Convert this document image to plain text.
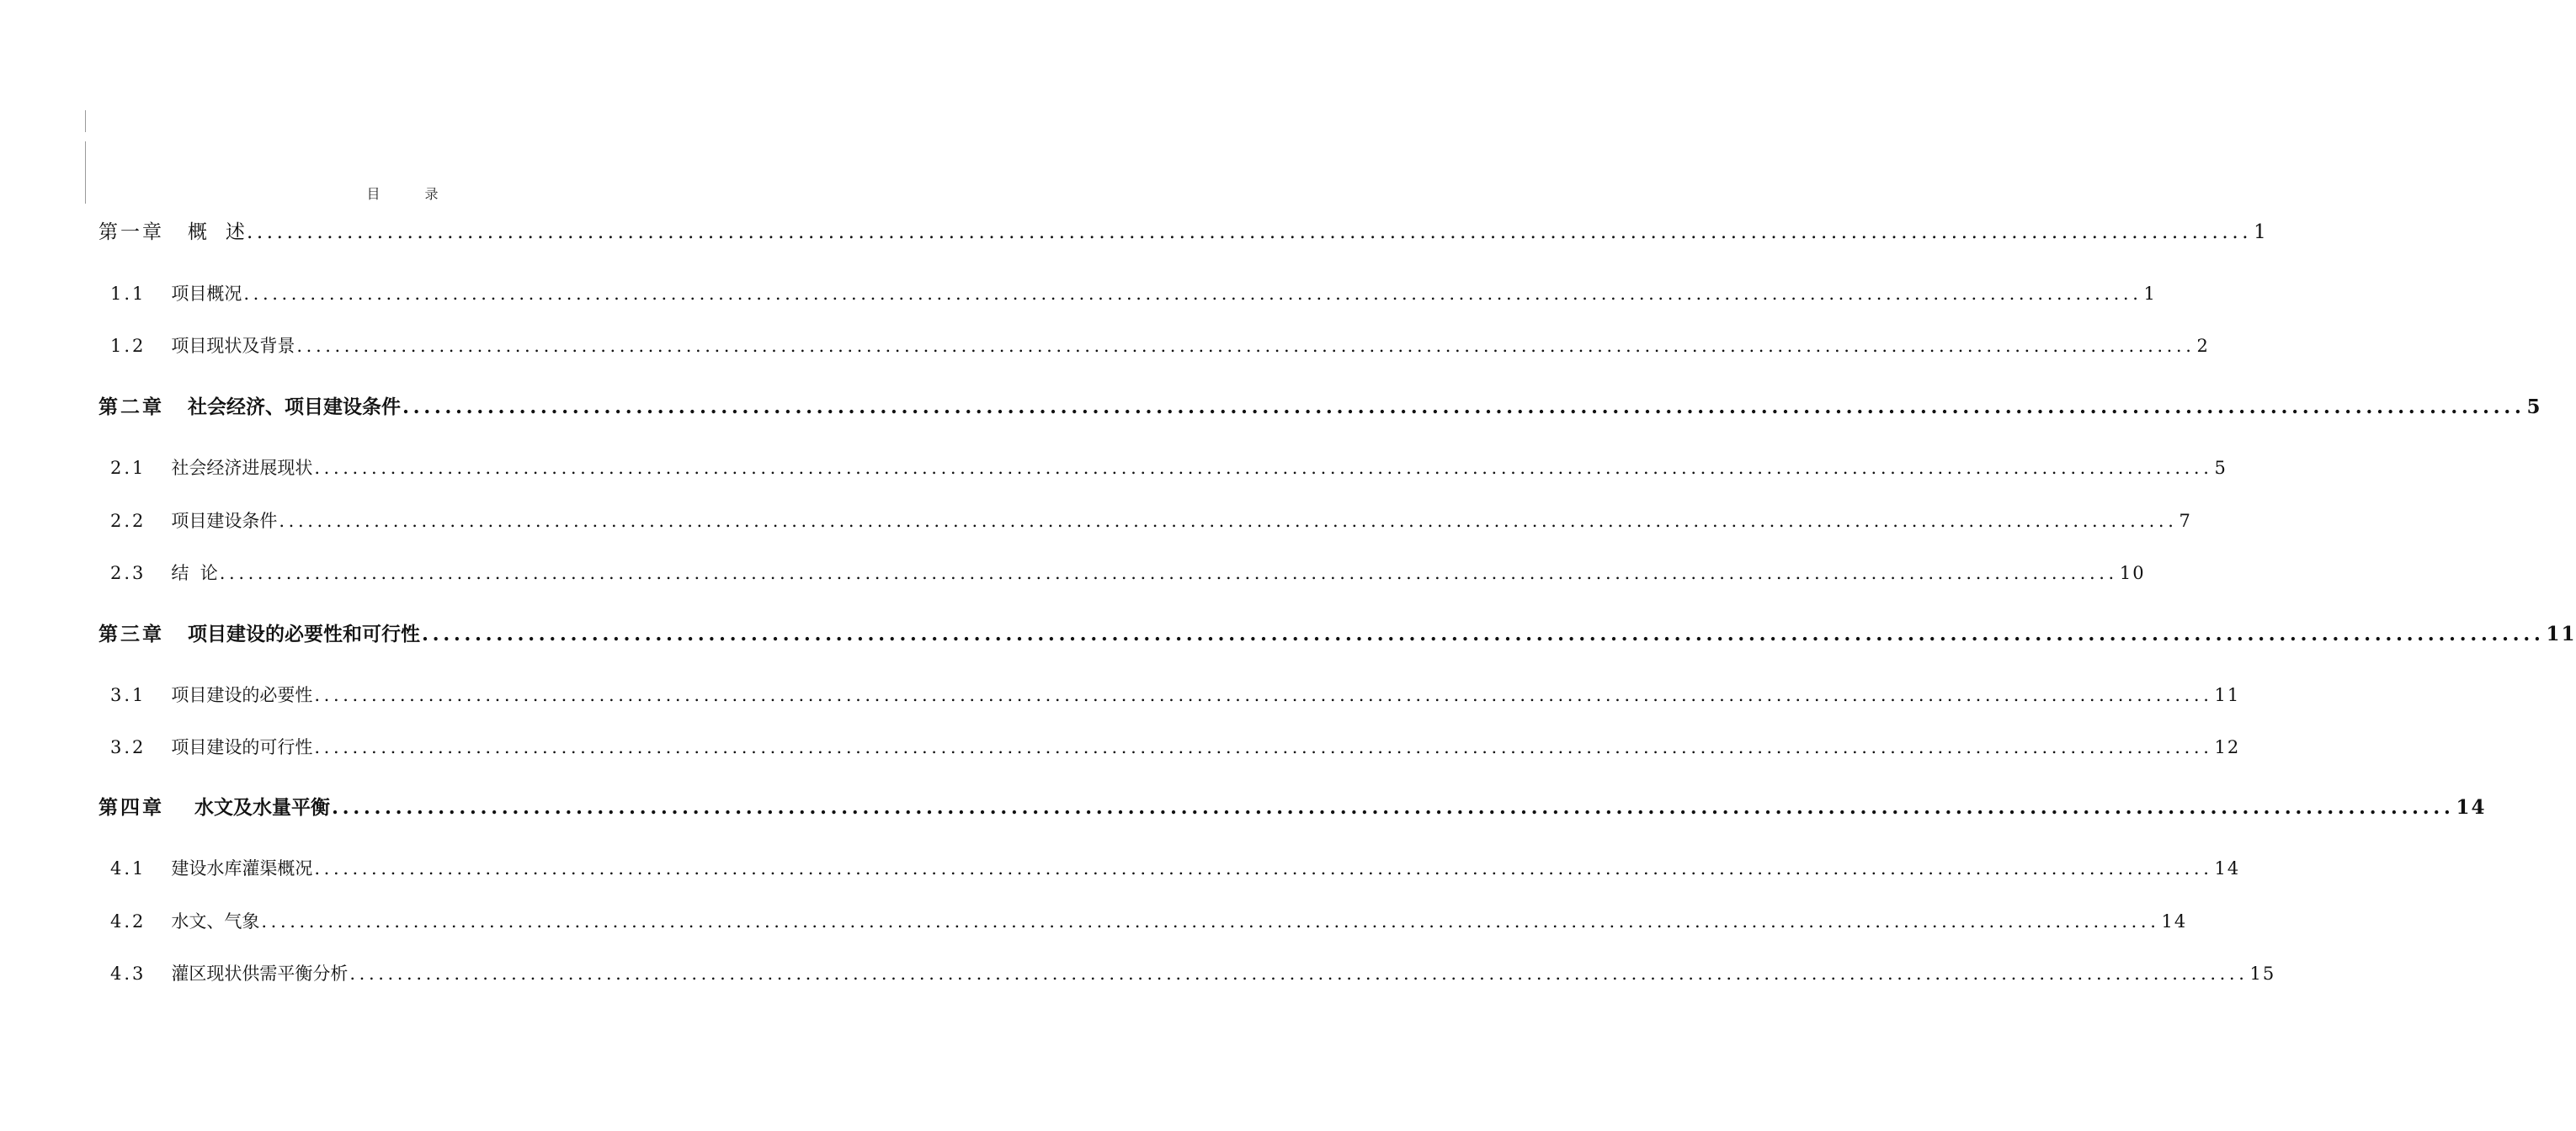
目 录
第一章 概   述 ........................................................................................................................................................................................................ 1
1.1 项目概况 ........................................................................................................................................................................................................ 1
1.2 项目现状及背景 ........................................................................................................................................................................................................ 2
第二章 社会经济、项目建设条件 ........................................................................................................................................................................................................ 5
2.1 社会经济进展现状 ........................................................................................................................................................................................................ 5
2.2 项目建设条件 ........................................................................................................................................................................................................ 7
2.3 结  论 ........................................................................................................................................................................................................ 10
第三章 项目建设的必要性和可行性 ........................................................................................................................................................................................................ 11
3.1 项目建设的必要性 ........................................................................................................................................................................................................ 11
3.2 项目建设的可行性 ........................................................................................................................................................................................................ 12
第四章 水文及水量平衡 ........................................................................................................................................................................................................ 14
4.1 建设水库灌渠概况 ........................................................................................................................................................................................................ 14
4.2 水文、气象 ........................................................................................................................................................................................................ 14
4.3 灌区现状供需平衡分析 ........................................................................................................................................................................................................ 15
